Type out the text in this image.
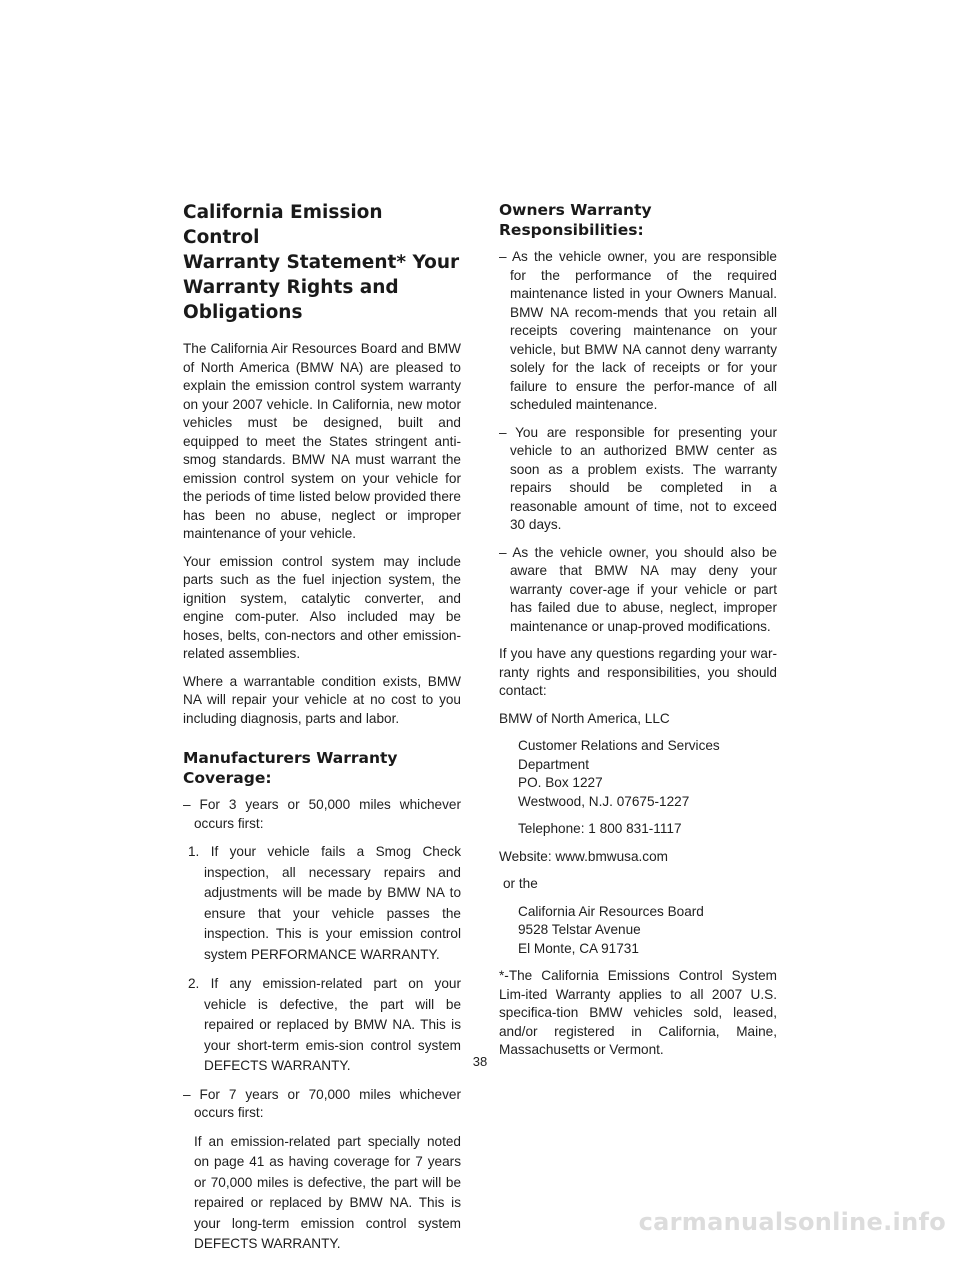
California Emission Control
Warranty Statement* Your
Warranty Rights and Obligations

The California Air Resources Board and BMW of North America (BMW NA) are pleased to explain the emission control system warranty on your 2007 vehicle. In California, new motor vehicles must be designed, built and equipped to meet the States stringent anti-smog standards. BMW NA must warrant the emission control system on your vehicle for the periods of time listed below provided there has been no abuse, neglect or improper maintenance of your vehicle.

Your emission control system may include parts such as the fuel injection system, the ignition system, catalytic converter, and engine com-puter. Also included may be hoses, belts, con-nectors and other emission-related assemblies.

Where a warrantable condition exists, BMW NA will repair your vehicle at no cost to you including diagnosis, parts and labor.

Manufacturers Warranty Coverage:

– For 3 years or 50,000 miles whichever occurs first:

1. If your vehicle fails a Smog Check inspection, all necessary repairs and adjustments will be made by BMW NA to ensure that your vehicle passes the inspection. This is your emission control system PERFORMANCE WARRANTY.

2. If any emission-related part on your vehicle is defective, the part will be repaired or replaced by BMW NA. This is your short-term emis-sion control system DEFECTS WARRANTY.

– For 7 years or 70,000 miles whichever occurs first:

If an emission-related part specially noted on page 41 as having coverage for 7 years or 70,000 miles is defective, the part will be repaired or replaced by BMW NA. This is your long-term emission control system DEFECTS WARRANTY.

Owners Warranty Responsibilities:

– As the vehicle owner, you are responsible for the performance of the required maintenance listed in your Owners Manual. BMW NA recom-mends that you retain all receipts covering maintenance on your vehicle, but BMW NA cannot deny warranty solely for the lack of receipts or for your failure to ensure the perfor-mance of all scheduled maintenance.

– You are responsible for presenting your vehicle to an authorized BMW center as soon as a problem exists. The warranty repairs should be completed in a reasonable amount of time, not to exceed 30 days.

– As the vehicle owner, you should also be aware that BMW NA may deny your warranty cover-age if your vehicle or part has failed due to abuse, neglect, improper maintenance or unap-proved modifications.

If you have any questions regarding your war-ranty rights and responsibilities, you should contact:

BMW of North America, LLC

Customer Relations and Services Department
PO. Box 1227
Westwood, N.J. 07675-1227

Telephone: 1 800 831-1117

Website: www.bmwusa.com

or the

California Air Resources Board
9528 Telstar Avenue
El Monte, CA 91731

*-The California Emissions Control System Lim-ited Warranty applies to all 2007 U.S. specifica-tion BMW vehicles sold, leased, and/or registered in California, Maine, Massachusetts or Vermont.

38
carmanualsonline.info
